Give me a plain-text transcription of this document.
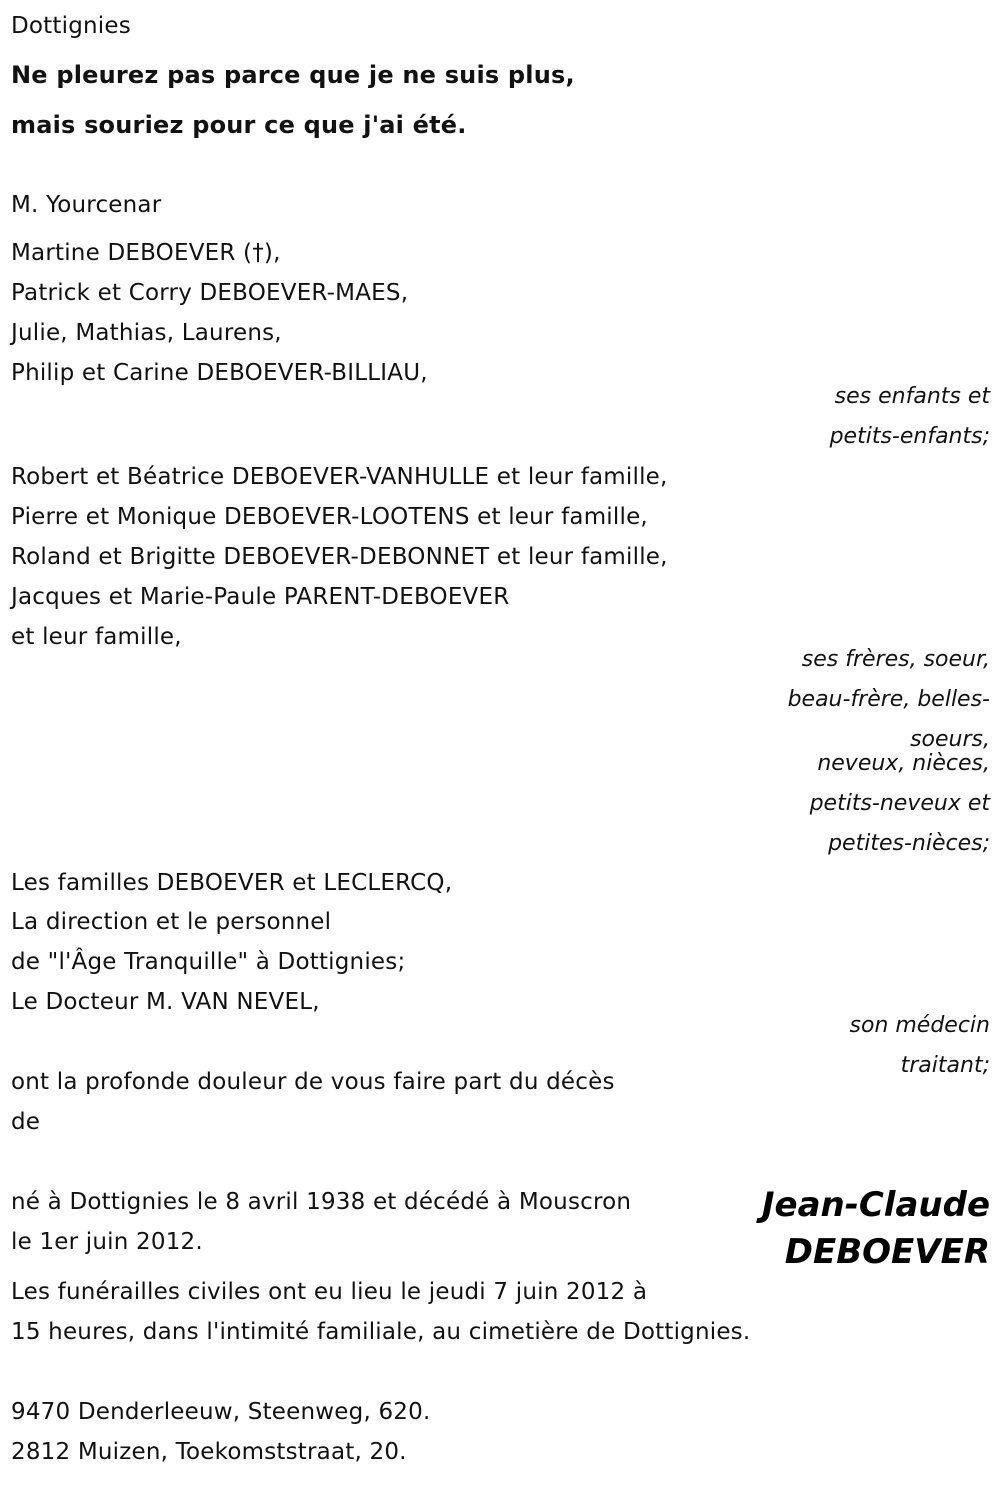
Dottignies
Ne pleurez pas parce que je ne suis plus,
mais souriez pour ce que j'ai été.
M. Yourcenar
Martine DEBOEVER (†),
Patrick et Corry DEBOEVER-MAES,
Julie, Mathias, Laurens,
Philip et Carine DEBOEVER-BILLIAU,
ses enfants et
petits-enfants;
Robert et Béatrice DEBOEVER-VANHULLE et leur famille,
Pierre et Monique DEBOEVER-LOOTENS et leur famille,
Roland et Brigitte DEBOEVER-DEBONNET et leur famille,
Jacques et Marie-Paule PARENT-DEBOEVER
et leur famille,
ses frères, soeur,
beau-frère, belles-
soeurs,
neveux, nièces,
petits-neveux et
petites-nièces;
Les familles DEBOEVER et LECLERCQ,
La direction et le personnel
de "l'Âge Tranquille" à Dottignies;
Le Docteur M. VAN NEVEL,
son médecin
traitant;
ont la profonde douleur de vous faire part du décès
de
né à Dottignies le 8 avril 1938 et décédé à Mouscron
le 1er juin 2012.
Jean-Claude
DEBOEVER
Les funérailles civiles ont eu lieu le jeudi 7 juin 2012 à
15 heures, dans l'intimité familiale, au cimetière de Dottignies.
9470 Denderleeuw, Steenweg, 620.
2812 Muizen, Toekomststraat, 20.
